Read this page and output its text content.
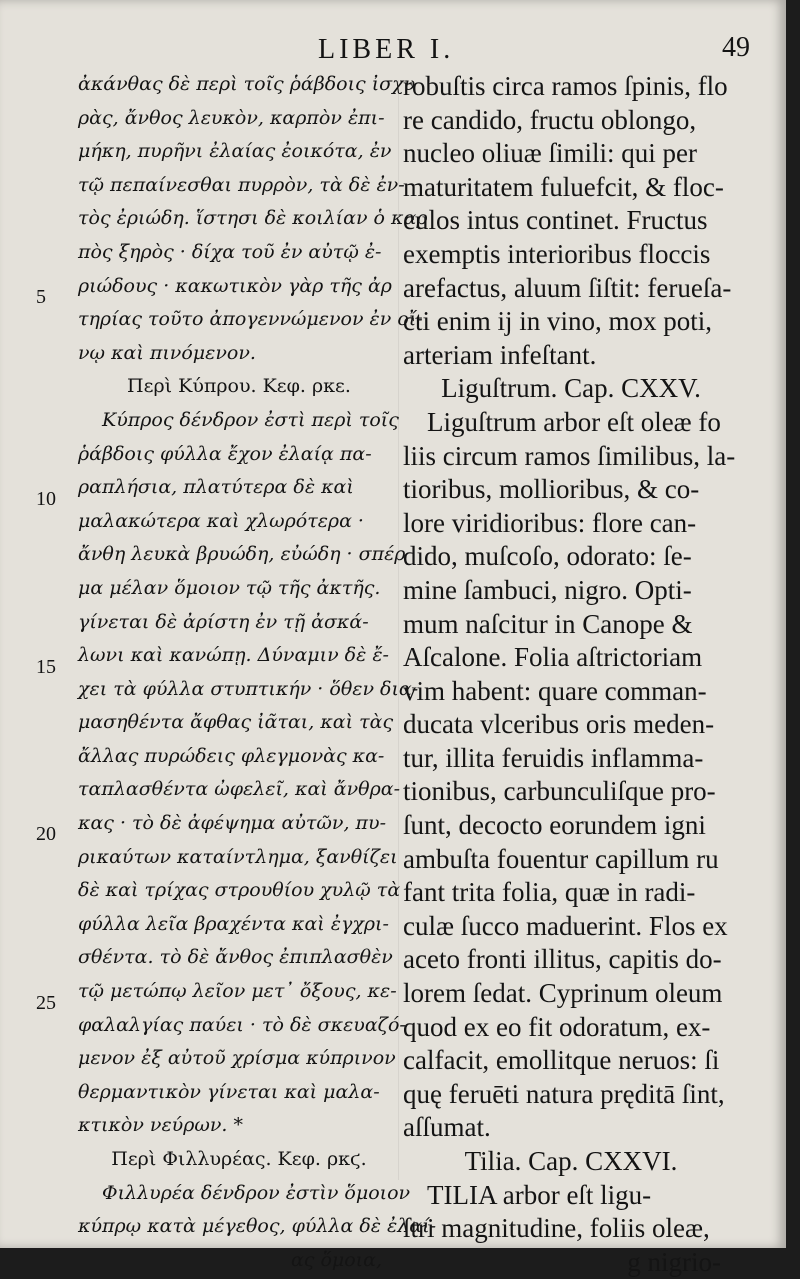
LIBER I.	49
5
10
15
20
25
ἀκάνθας δὲ περὶ τοῖς ῥάβδοις ἰσχυ
ρὰς, ἄνθος λευκὸν, καρπὸν ἐπι-
μήκη, πυρῆνι ἐλαίας ἐοικότα, ἐν
τῷ πεπαίνεσθαι πυρρὸν, τὰ δὲ ἐν-
τὸς ἐριώδη. ἵστησι δὲ κοιλίαν ὁ καρ
πὸς ξηρὸς · δίχα τοῦ ἐν αὐτῷ ἐ-
ριώδους · κακωτικὸν γὰρ τῆς ἀρ
τηρίας τοῦτο ἀπογεννώμενον ἐν οἴ-
νῳ καὶ πινόμενον.
Περὶ Κύπρου. Κεφ. ρκε.
Κύπρος δένδρον ἐστὶ περὶ τοῖς
ῥάβδοις φύλλα ἔχον ἐλαίᾳ πα-
ραπλήσια, πλατύτερα δὲ καὶ
μαλακώτερα καὶ χλωρότερα ·
ἄνθη λευκὰ βρυώδη, εὐώδη · σπέρ
μα μέλαν ὅμοιον τῷ τῆς ἀκτῆς.
γίνεται δὲ ἀρίστη ἐν τῇ ἀσκά-
λωνι καὶ κανώπῃ. Δύναμιν δὲ ἔ-
χει τὰ φύλλα στυπτικήν · ὅθεν δια-
μασηθέντα ἄφθας ἰᾶται, καὶ τὰς
ἄλλας πυρώδεις φλεγμονὰς κα-
ταπλασθέντα ὠφελεῖ, καὶ ἄνθρα-
κας · τὸ δὲ ἀφέψημα αὐτῶν, πυ-
ρικαύτων καταίντλημα, ξανθίζει
δὲ καὶ τρίχας στρουθίου χυλῷ τὰ
φύλλα λεῖα βραχέντα καὶ ἐγχρι-
σθέντα. τὸ δὲ ἄνθος ἐπιπλασθὲν
τῷ μετώπῳ λεῖον μετ᾽ ὄξους, κε-
φαλαλγίας παύει · τὸ δὲ σκευαζό-
μενον ἐξ αὐτοῦ χρίσμα κύπρινον
θερμαντικὸν γίνεται καὶ μαλα-
κτικὸν νεύρων. *
Περὶ Φιλλυρέας. Κεφ. ρκϛ.
Φιλλυρέα δένδρον ἐστὶν ὅμοιον
κύπρῳ κατὰ μέγεθος, φύλλα δὲ ἐλαί-
ας ὅμοια,
robuſtis circa ramos ſpinis, flo
re candido, fructu oblongo,
nucleo oliuæ ſimili: qui per
maturitatem fuluefcit, & floc-
culos intus continet. Fructus
exemptis interioribus floccis
arefactus, aluum ſiſtit: ferueſa-
cti enim ij in vino, mox poti,
arteriam infeſtant.
Liguſtrum. Cap. CXXV.
Liguſtrum arbor eſt oleæ fo
liis circum ramos ſimilibus, la-
tioribus, mollioribus, & co-
lore viridioribus: flore can-
dido, muſcoſo, odorato: ſe-
mine ſambuci, nigro. Opti-
mum naſcitur in Canope &
Aſcalone. Folia aſtrictoriam
vim habent: quare comman-
ducata vlceribus oris meden-
tur, illita feruidis inflamma-
tionibus, carbunculiſque pro-
ſunt, decocto eorundem igni
ambuſta fouentur capillum ru
fant trita folia, quæ in radi-
culæ ſucco maduerint. Flos ex
aceto fronti illitus, capitis do-
lorem ſedat. Cyprinum oleum
quod ex eo fit odoratum, ex-
calfacit, emollitque neruos: ſi
quę feruēti natura pręditā ſint,
aſſumat.
Tilia. Cap. CXXVI.
TILIA arbor eſt ligu-
ſtri magnitudine, foliis oleæ,
g nigrio-
